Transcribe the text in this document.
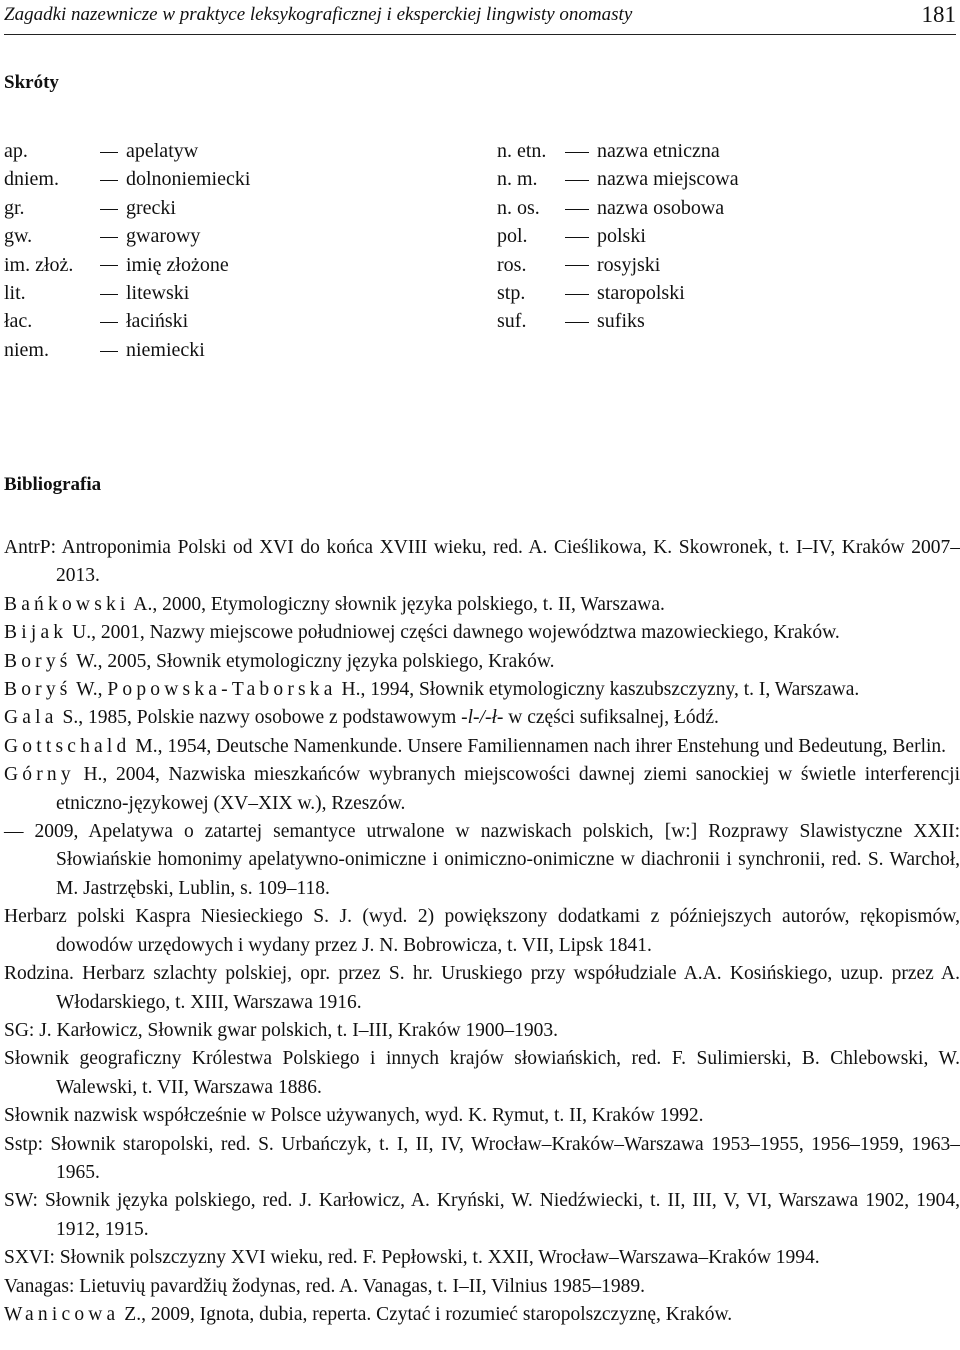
Zagadki nazewnicze w praktyce leksykograficznej i eksperckiej lingwisty onomasty	181
Skróty
ap.	apelatyw
dniem.	dolnoniemiecki
gr.	grecki
gw.	gwarowy
im. złoż.	imię złożone
lit.	litewski
łac.	łaciński
niem.	niemiecki
n. etn.	nazwa etniczna
n. m.	nazwa miejscowa
n. os.	nazwa osobowa
pol.	polski
ros.	rosyjski
stp.	staropolski
suf.	sufiks
Bibliografia
AntrP: Antroponimia Polski od XVI do końca XVIII wieku, red. A. Cieślikowa, K. Skowronek, t. I–IV, Kraków 2007–2013.
Bańkowski A., 2000, Etymologiczny słownik języka polskiego, t. II, Warszawa.
Bijak U., 2001, Nazwy miejscowe południowej części dawnego województwa mazowieckiego, Kraków.
Boryś W., 2005, Słownik etymologiczny języka polskiego, Kraków.
Boryś W., Popowska-Taborska H., 1994, Słownik etymologiczny kaszubszczyzny, t. I, Warszawa.
Gala S., 1985, Polskie nazwy osobowe z podstawowym -l-/-ł- w części sufiksalnej, Łódź.
Gottschald M., 1954, Deutsche Namenkunde. Unsere Familiennamen nach ihrer Enstehung und Bedeutung, Berlin.
Górny H., 2004, Nazwiska mieszkańców wybranych miejscowości dawnej ziemi sanockiej w świetle interferencji etniczno-językowej (XV–XIX w.), Rzeszów.
— 2009, Apelatywa o zatartej semantyce utrwalone w nazwiskach polskich, [w:] Rozprawy Slawistyczne XXII: Słowiańskie homonimy apelatywno-onimiczne i onimiczno-onimiczne w diachronii i synchronii, red. S. Warchoł, M. Jastrzębski, Lublin, s. 109–118.
Herbarz polski Kaspra Niesieckiego S. J. (wyd. 2) powiększony dodatkami z późniejszych autorów, rękopismów, dowodów urzędowych i wydany przez J. N. Bobrowicza, t. VII, Lipsk 1841.
Rodzina. Herbarz szlachty polskiej, opr. przez S. hr. Uruskiego przy współudziale A.A. Kosińskiego, uzup. przez A. Włodarskiego, t. XIII, Warszawa 1916.
SG: J. Karłowicz, Słownik gwar polskich, t. I–III, Kraków 1900–1903.
Słownik geograficzny Królestwa Polskiego i innych krajów słowiańskich, red. F. Sulimierski, B. Chlebowski, W. Walewski, t. VII, Warszawa 1886.
Słownik nazwisk współcześnie w Polsce używanych, wyd. K. Rymut, t. II, Kraków 1992.
Sstp: Słownik staropolski, red. S. Urbańczyk, t. I, II, IV, Wrocław–Kraków–Warszawa 1953–1955, 1956–1959, 1963–1965.
SW: Słownik języka polskiego, red. J. Karłowicz, A. Kryński, W. Niedźwiecki, t. II, III, V, VI, Warszawa 1902, 1904, 1912, 1915.
SXVI: Słownik polszczyzny XVI wieku, red. F. Pepłowski, t. XXII, Wrocław–Warszawa–Kraków 1994.
Vanagas: Lietuvių pavardžių žodynas, red. A. Vanagas, t. I–II, Vilnius 1985–1989.
Wanicowa Z., 2009, Ignota, dubia, reperta. Czytać i rozumieć staropolszczyznę, Kraków.
